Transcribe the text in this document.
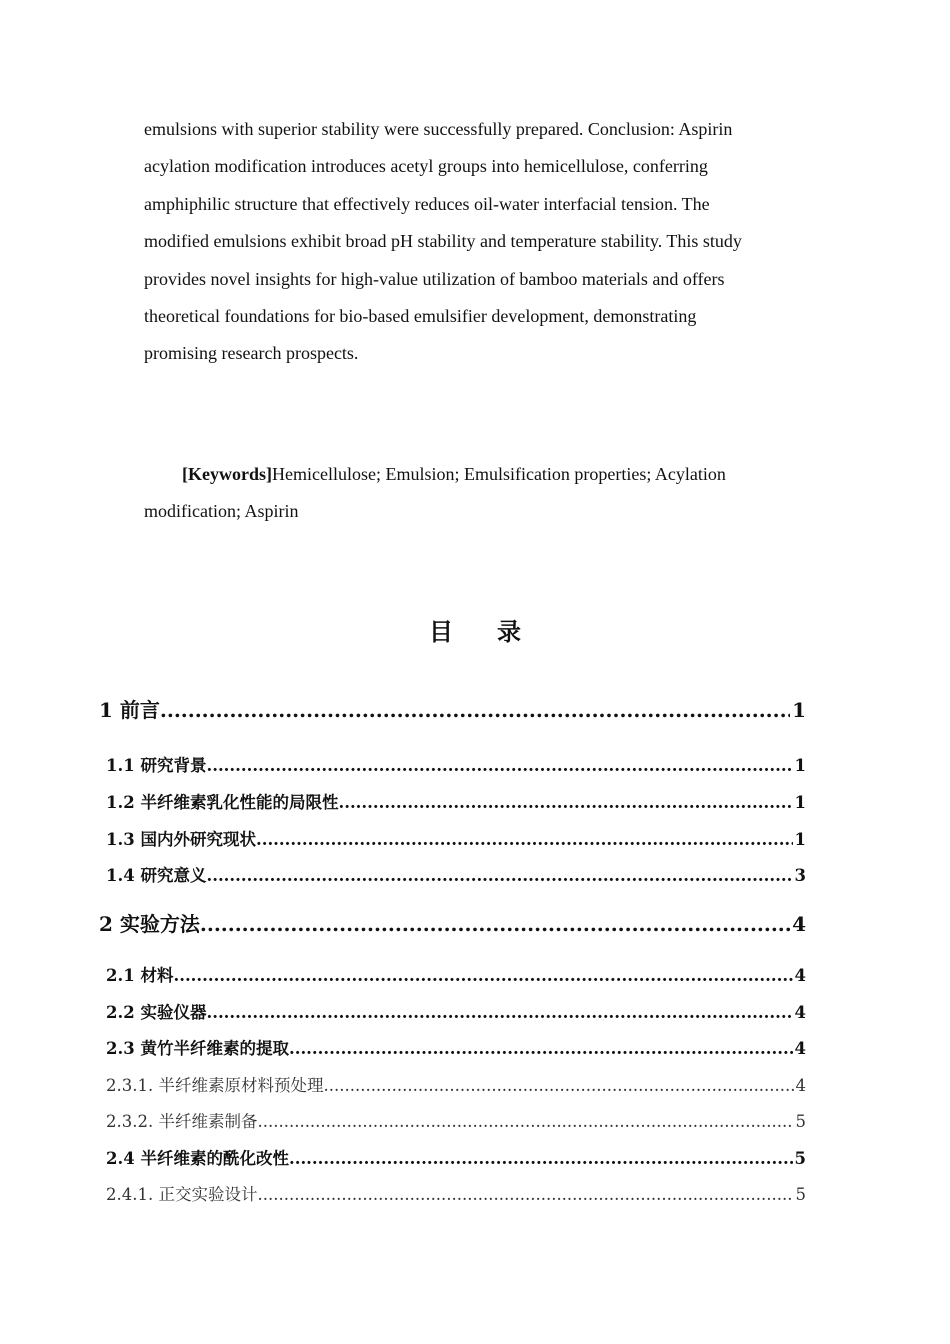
emulsions with superior stability were successfully prepared. Conclusion: Aspirin
acylation modification introduces acetyl groups into hemicellulose, conferring
amphiphilic structure that effectively reduces oil-water interfacial tension. The
modified emulsions exhibit broad pH stability and temperature stability. This study
provides novel insights for high-value utilization of bamboo materials and offers
theoretical foundations for bio-based emulsifier development, demonstrating
promising research prospects.
[Keywords]Hemicellulose; Emulsion; Emulsification properties; Acylation
modification; Aspirin
目 录
1 前言 .....	1
1.1 研究背景 .....	1
1.2 半纤维素乳化性能的局限性 .....	1
1.3 国内外研究现状 .....	1
1.4 研究意义 .....	3
2 实验方法 .....	4
2.1 材料 .....	4
2.2 实验仪器 .....	4
2.3 黄竹半纤维素的提取 .....	4
2.3.1. 半纤维素原材料预处理 .....	4
2.3.2. 半纤维素制备 .....	5
2.4 半纤维素的酰化改性 .....	5
2.4.1. 正交实验设计 .....	5
